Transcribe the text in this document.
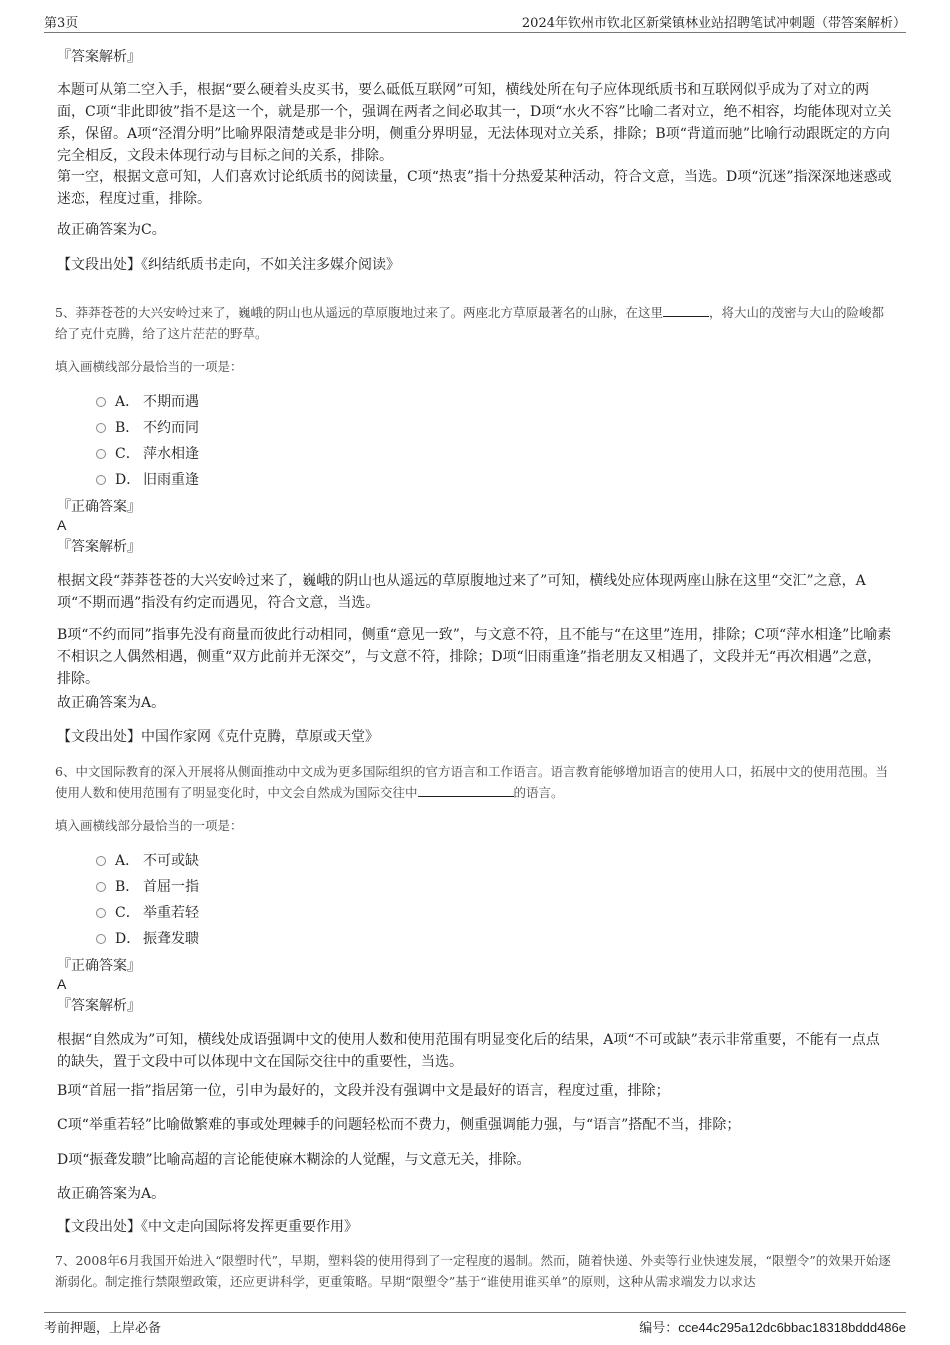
第3页	2024年钦州市钦北区新棠镇林业站招聘笔试冲刺题（带答案解析）
『答案解析』
本题可从第二空入手，根据“要么硬着头皮买书，要么砥低互联网”可知，横线处所在句子应体现纸质书和互联网似乎成为了对立的两面，C项“非此即彼”指不是这一个，就是那一个，强调在两者之间必取其一，D项“水火不容”比喻二者对立，绝不相容，均能体现对立关系，保留。A项“泾渭分明”比喻界限清楚或是非分明，侧重分界明显，无法体现对立关系，排除；B项“背道而驰”比喻行动跟既定的方向完全相反，文段未体现行动与目标之间的关系，排除。
第一空，根据文意可知，人们喜欢讨论纸质书的阅读量，C项“热衷”指十分热爱某种活动，符合文意，当选。D项“沉迷”指深深地迷惑或迷恋，程度过重，排除。
故正确答案为C。
【文段出处】《纠结纸质书走向，不如关注多媒介阅读》
5、莽莽苍苍的大兴安岭过来了，巍峨的阴山也从遥远的草原腹地过来了。两座北方草原最著名的山脉，在这里	，将大山的茂密与大山的险峻都给了克什克腾，给了这片茫茫的野草。
填入画横线部分最恰当的一项是：
A． 不期而遇
B． 不约而同
C． 萍水相逢
D． 旧雨重逢
『正确答案』
A
『答案解析』
根据文段“莽莽苍苍的大兴安岭过来了，巍峨的阴山也从遥远的草原腹地过来了”可知，横线处应体现两座山脉在这里“交汇”之意，A项“不期而遇”指没有约定而遇见，符合文意，当选。
B项“不约而同”指事先没有商量而彼此行动相同，侧重“意见一致”，与文意不符，且不能与“在这里”连用，排除；C项“萍水相逢”比喻素不相识之人偶然相遇，侧重“双方此前并无深交”，与文意不符，排除；D项“旧雨重逢”指老朋友又相遇了，文段并无“再次相遇”之意，排除。
故正确答案为A。
【文段出处】中国作家网《克什克腾，草原或天堂》
6、中文国际教育的深入开展将从侧面推动中文成为更多国际组织的官方语言和工作语言。语言教育能够增加语言的使用人口，拓展中文的使用范围。当使用人数和使用范围有了明显变化时，中文会自然成为国际交往中	的语言。
填入画横线部分最恰当的一项是：
A． 不可或缺
B． 首屈一指
C． 举重若轻
D． 振聋发聩
『正确答案』
A
『答案解析』
根据“自然成为”可知，横线处成语强调中文的使用人数和使用范围有明显变化后的结果，A项“不可或缺”表示非常重要，不能有一点点的缺失，置于文段中可以体现中文在国际交往中的重要性，当选。
B项“首屈一指”指居第一位，引申为最好的，文段并没有强调中文是最好的语言，程度过重，排除；
C项“举重若轻”比喻做繁难的事或处理棘手的问题轻松而不费力，侧重强调能力强，与“语言”搭配不当，排除；
D项“振聋发聩”比喻高超的言论能使麻木糊涂的人觉醒，与文意无关，排除。
故正确答案为A。
【文段出处】《中文走向国际将发挥更重要作用》
7、2008年6月我国开始进入“限塑时代”，早期，塑料袋的使用得到了一定程度的遏制。然而，随着快递、外卖等行业快速发展，“限塑令”的效果开始逐渐弱化。制定推行禁限塑政策，还应更讲科学，更重策略。早期“限塑令”基于“谁使用谁买单”的原则，这种从需求端发力以求达
考前押题，上岸必备	编号：cce44c295a12dc6bbac18318bddd486e
